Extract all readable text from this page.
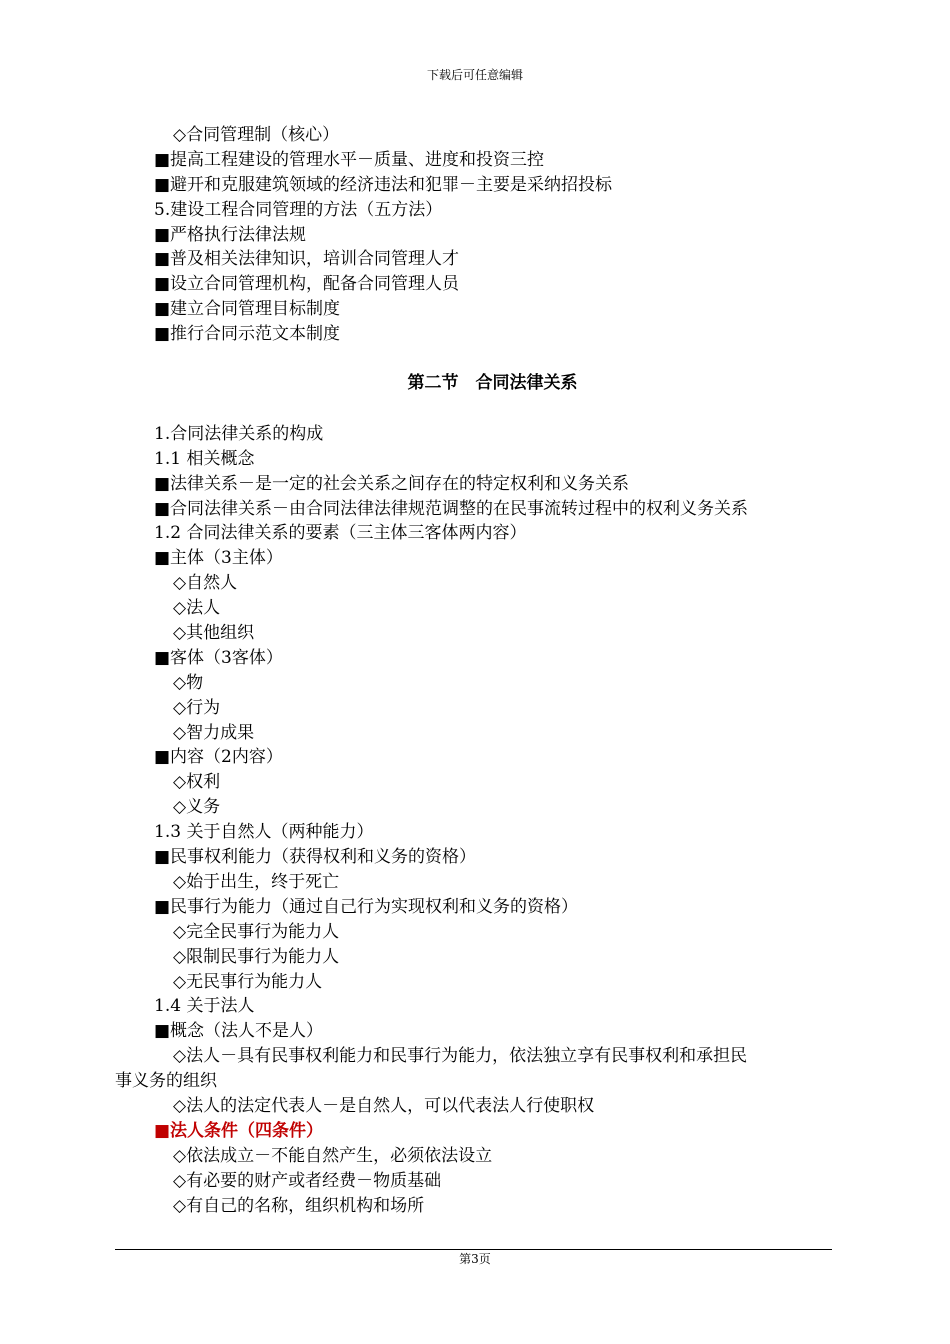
下载后可任意编辑
◇合同管理制（核心）
■提高工程建设的管理水平－质量、进度和投资三控
■避开和克服建筑领域的经济违法和犯罪－主要是采纳招投标
5.建设工程合同管理的方法（五方法）
■严格执行法律法规
■普及相关法律知识，培训合同管理人才
■设立合同管理机构，配备合同管理人员
■建立合同管理目标制度
■推行合同示范文本制度
第二节　合同法律关系
1.合同法律关系的构成
1.1 相关概念
■法律关系－是一定的社会关系之间存在的特定权利和义务关系
■合同法律关系－由合同法律法律规范调整的在民事流转过程中的权利义务关系
1.2 合同法律关系的要素（三主体三客体两内容）
■主体（3主体）
◇自然人
◇法人
◇其他组织
■客体（3客体）
◇物
◇行为
◇智力成果
■内容（2内容）
◇权利
◇义务
1.3 关于自然人（两种能力）
■民事权利能力（获得权利和义务的资格）
◇始于出生，终于死亡
■民事行为能力（通过自己行为实现权利和义务的资格）
◇完全民事行为能力人
◇限制民事行为能力人
◇无民事行为能力人
1.4 关于法人
■概念（法人不是人）
◇法人－具有民事权利能力和民事行为能力，依法独立享有民事权利和承担民
事义务的组织
◇法人的法定代表人－是自然人，可以代表法人行使职权
■法人条件（四条件）
◇依法成立－不能自然产生，必须依法设立
◇有必要的财产或者经费－物质基础
◇有自己的名称，组织机构和场所
第3页
